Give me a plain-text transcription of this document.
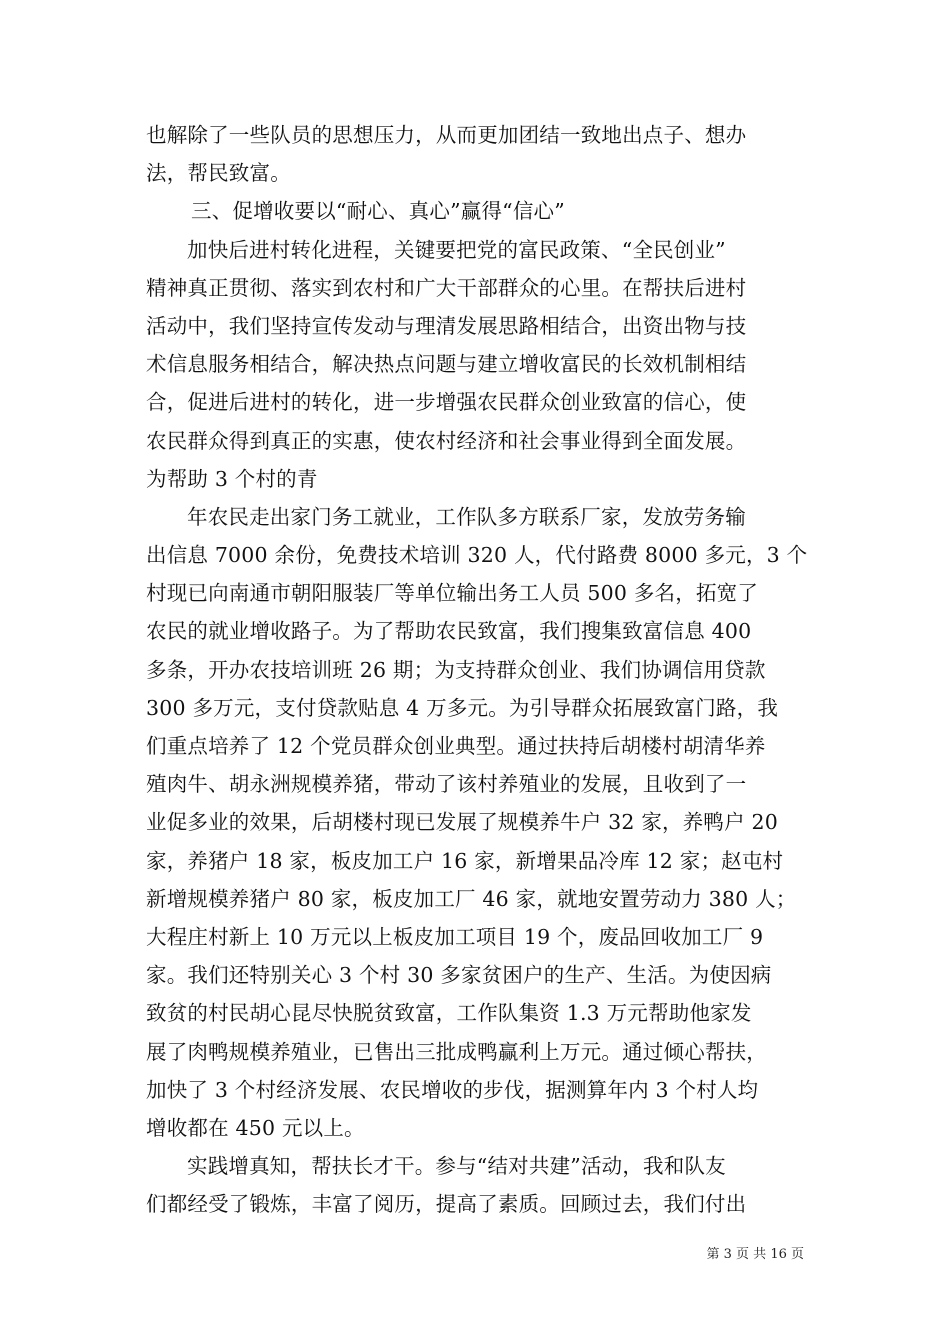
也解除了一些队员的思想压力，从而更加团结一致地出点子、想办
法，帮民致富。
三、促增收要以“耐心、真心”赢得“信心”
加快后进村转化进程，关键要把党的富民政策、“全民创业”
精神真正贯彻、落实到农村和广大干部群众的心里。在帮扶后进村
活动中，我们坚持宣传发动与理清发展思路相结合，出资出物与技
术信息服务相结合，解决热点问题与建立增收富民的长效机制相结
合，促进后进村的转化，进一步增强农民群众创业致富的信心，使
农民群众得到真正的实惠，使农村经济和社会事业得到全面发展。
为帮助 3 个村的青
年农民走出家门务工就业，工作队多方联系厂家，发放劳务输
出信息 7000 余份，免费技术培训 320 人，代付路费 8000 多元，3 个
村现已向南通市朝阳服装厂等单位输出务工人员 500 多名，拓宽了
农民的就业增收路子。为了帮助农民致富，我们搜集致富信息 400
多条，开办农技培训班 26 期；为支持群众创业、我们协调信用贷款
300 多万元，支付贷款贴息 4 万多元。为引导群众拓展致富门路，我
们重点培养了 12 个党员群众创业典型。通过扶持后胡楼村胡清华养
殖肉牛、胡永洲规模养猪，带动了该村养殖业的发展，且收到了一
业促多业的效果，后胡楼村现已发展了规模养牛户 32 家，养鸭户 20
家，养猪户 18 家，板皮加工户 16 家，新增果品冷库 12 家；赵屯村
新增规模养猪户 80 家，板皮加工厂 46 家，就地安置劳动力 380 人；
大程庄村新上 10 万元以上板皮加工项目 19 个，废品回收加工厂 9
家。我们还特别关心 3 个村 30 多家贫困户的生产、生活。为使因病
致贫的村民胡心昆尽快脱贫致富，工作队集资 1.3 万元帮助他家发
展了肉鸭规模养殖业，已售出三批成鸭赢利上万元。通过倾心帮扶，
加快了 3 个村经济发展、农民增收的步伐，据测算年内 3 个村人均
增收都在 450 元以上。
实践增真知，帮扶长才干。参与“结对共建”活动，我和队友
们都经受了锻炼，丰富了阅历，提高了素质。回顾过去，我们付出
第 3 页 共 16 页
